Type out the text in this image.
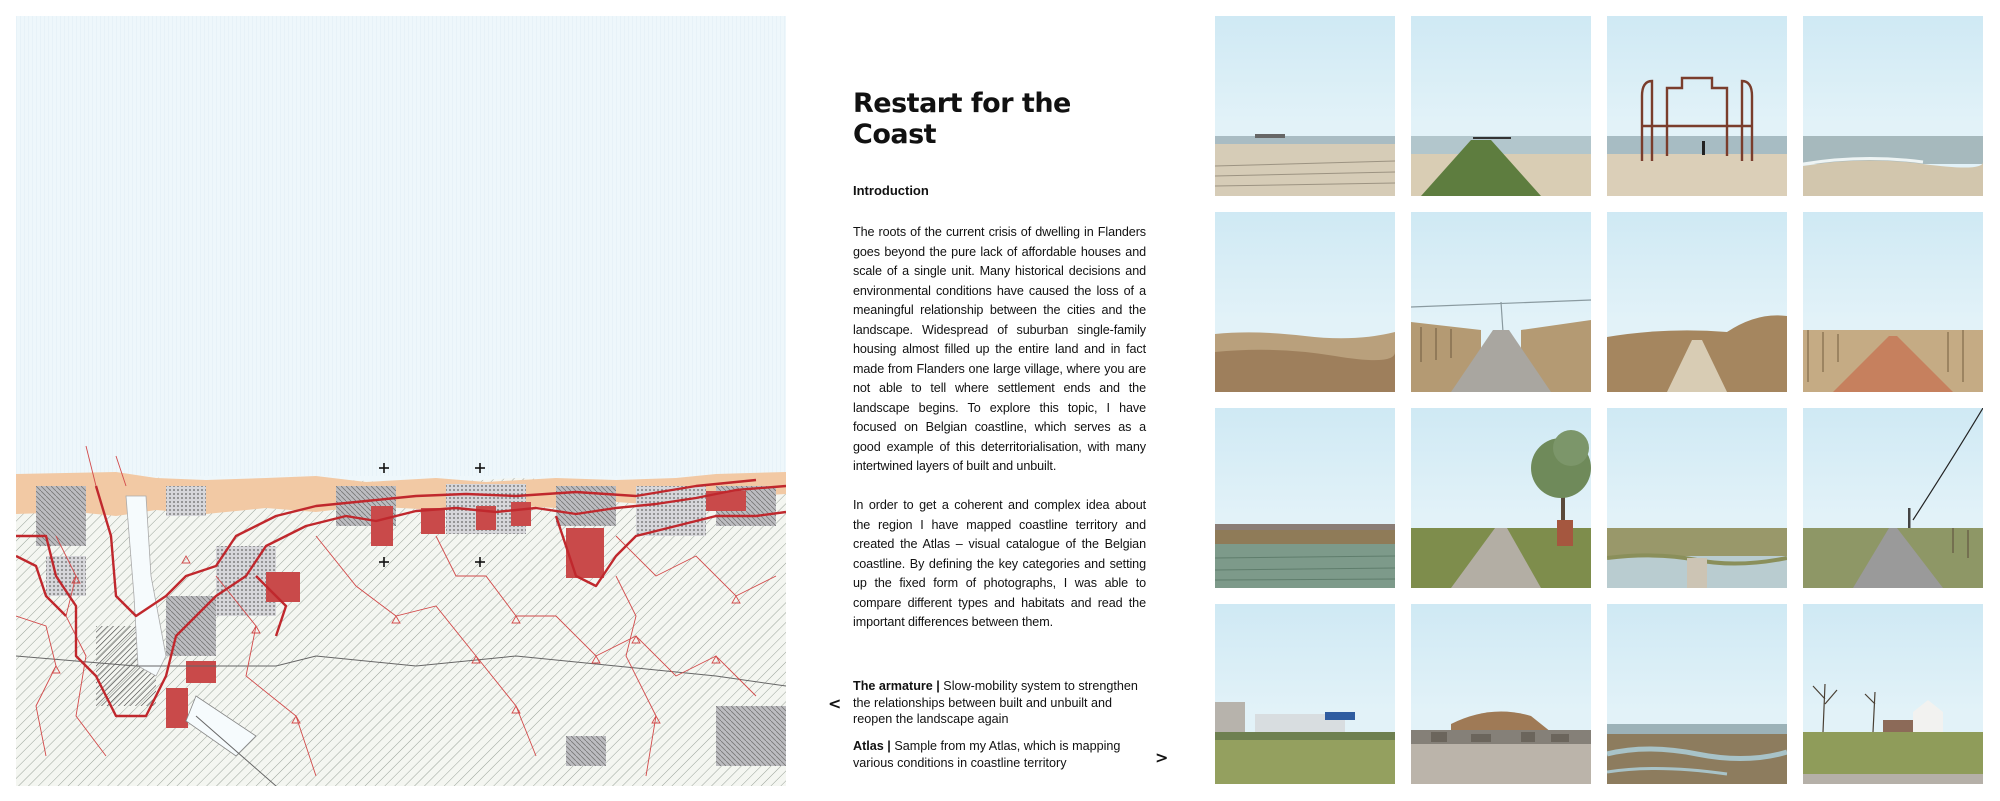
Restart for the Coast
Introduction

The roots of the current crisis of dwelling in Flanders goes beyond the pure lack of affordable houses and scale of a single unit. Many historical decisions and environmental conditions have caused the loss of a meaningful relationship between the cities and the landscape. Widespread of suburban single-family housing almost filled up the entire land and in fact made from Flanders one large village, where you are not able to tell where settlement ends and the landscape begins. To explore this topic, I have focused on Belgian coastline, which serves as a good example of this deterritorialisation, with many intertwined layers of built and unbuilt.

In order to get a coherent and complex idea about the region I have mapped coastline territory and created the Atlas – visual catalogue of the Belgian coastline. By defining the key categories and setting up the fixed form of photographs, I was able to compare different types and habitats and read the important differences between them.

The armature | Slow-mobility system to strengthen the relationships between built and unbuilt and reopen the landscape again

Atlas | Sample from my Atlas, which is mapping various conditions in coastline territory

<
>
